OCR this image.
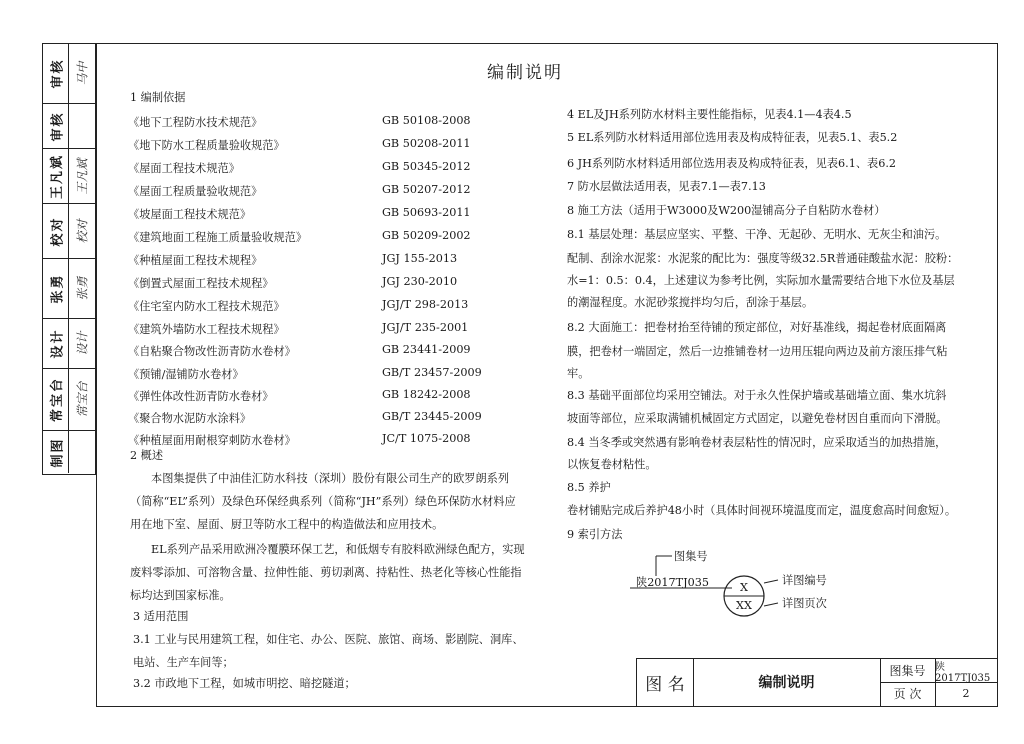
审核 马中
审核
王凡斌 王凡斌
校对 校对
张勇 张勇
设计 设计
常宝台 常宝台
制图
编制说明
1 编制依据
《地下工程防水技术规范》	GB 50108-2008
《地下防水工程质量验收规范》	GB 50208-2011
《屋面工程技术规范》	GB 50345-2012
《屋面工程质量验收规范》	GB 50207-2012
《坡屋面工程技术规范》	GB 50693-2011
《建筑地面工程施工质量验收规范》	GB 50209-2002
《种植屋面工程技术规程》	JGJ 155-2013
《倒置式屋面工程技术规程》	JGJ 230-2010
《住宅室内防水工程技术规范》	JGJ/T 298-2013
《建筑外墙防水工程技术规程》	JGJ/T 235-2001
《自粘聚合物改性沥青防水卷材》	GB 23441-2009
《预铺/湿铺防水卷材》	GB/T 23457-2009
《弹性体改性沥青防水卷材》	GB 18242-2008
《聚合物水泥防水涂料》	GB/T 23445-2009
《种植屋面用耐根穿刺防水卷材》	JC/T 1075-2008
2 概述
本图集提供了中油佳汇防水科技（深圳）股份有限公司生产的欧罗朗系列
（简称“EL”系列）及绿色环保经典系列（简称“JH”系列）绿色环保防水材料应
用在地下室、屋面、厨卫等防水工程中的构造做法和应用技术。
EL系列产品采用欧洲冷覆膜环保工艺，和低烟专有胶料欧洲绿色配方，实现
废料零添加、可溶物含量、拉伸性能、剪切剥离、持粘性、热老化等核心性能指
标均达到国家标准。
3 适用范围
3.1 工业与民用建筑工程，如住宅、办公、医院、旅馆、商场、影剧院、洞库、
电站、生产车间等；
3.2 市政地下工程，如城市明挖、暗挖隧道；
4 EL及JH系列防水材料主要性能指标，见表4.1—4表4.5
5 EL系列防水材料适用部位选用表及构成特征表，见表5.1、表5.2
6 JH系列防水材料适用部位选用表及构成特征表，见表6.1、表6.2
7 防水层做法适用表，见表7.1—表7.13
8 施工方法（适用于W3000及W200湿铺高分子自粘防水卷材）
8.1 基层处理：基层应坚实、平整、干净、无起砂、无明水、无灰尘和油污。
配制、刮涂水泥浆：水泥浆的配比为：强度等级32.5R普通硅酸盐水泥：胶粉：
水=1：0.5：0.4，上述建议为参考比例，实际加水量需要结合地下水位及基层
的潮湿程度。水泥砂浆搅拌均匀后，刮涂于基层。
8.2 大面施工：把卷材抬至待铺的预定部位，对好基准线，揭起卷材底面隔离
膜，把卷材一端固定，然后一边推铺卷材一边用压辊向两边及前方滚压排气粘
牢。
8.3 基础平面部位均采用空铺法。对于永久性保护墙或基础墙立面、集水坑斜
坡面等部位，应采取满铺机械固定方式固定，以避免卷材因自重而向下滑脱。
8.4 当冬季或突然遇有影响卷材表层粘性的情况时，应采取适当的加热措施，
以恢复卷材粘性。
8.5 养护
卷材铺贴完成后养护48小时（具体时间视环境温度而定，温度愈高时间愈短）。
9 索引方法
图集号
陕2017TJ035	X
XX
详图编号
详图页次
图 名	编制说明
图集号 陕2017TJ035
页 次	2
